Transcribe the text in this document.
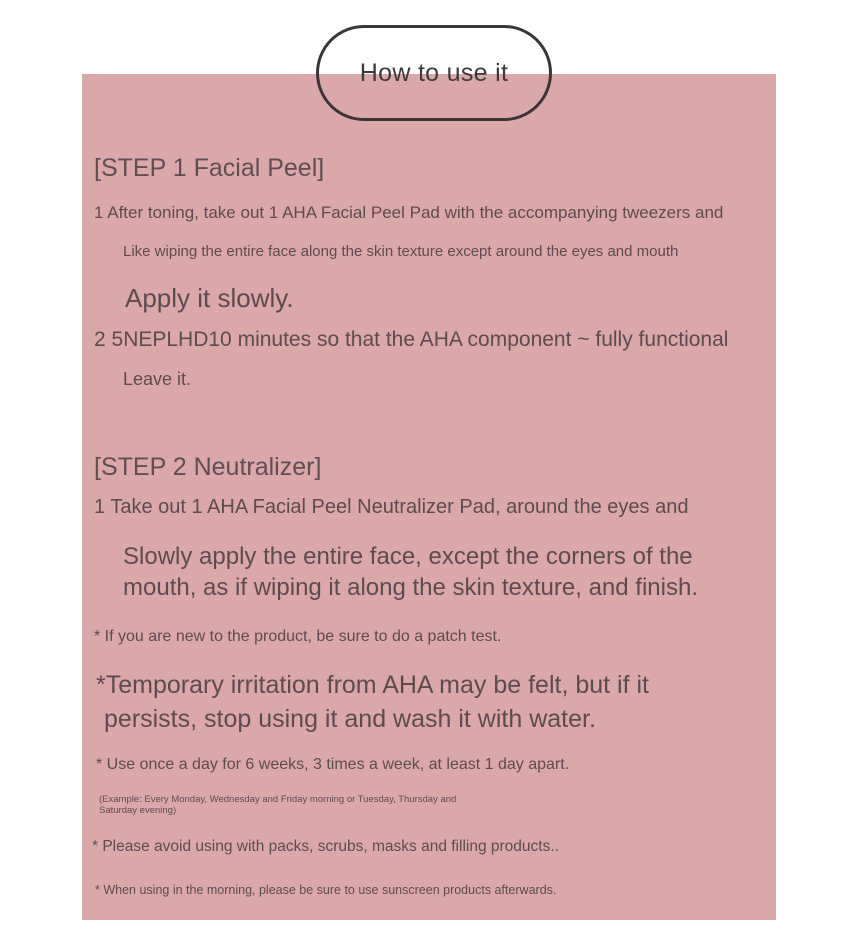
How to use it
[STEP 1 Facial Peel]
1 After toning, take out 1 AHA Facial Peel Pad with the accompanying tweezers and
Like wiping the entire face along the skin texture except around the eyes and mouth
Apply it slowly.
2 5NEPLHD10 minutes so that the AHA component ~ fully functional
Leave it.
[STEP 2 Neutralizer]
1 Take out 1 AHA Facial Peel Neutralizer Pad, around the eyes and
Slowly apply the entire face, except the corners of the
mouth, as if wiping it along the skin texture, and finish.
* If you are new to the product, be sure to do a patch test.
*Temporary irritation from AHA may be felt, but if it
persists, stop using it and wash it with water.
* Use once a day for 6 weeks, 3 times a week, at least 1 day apart.
(Example: Every Monday, Wednesday and Friday morning or Tuesday, Thursday and
Saturday evening)
* Please avoid using with packs, scrubs, masks and filling products..
* When using in the morning, please be sure to use sunscreen products afterwards.
